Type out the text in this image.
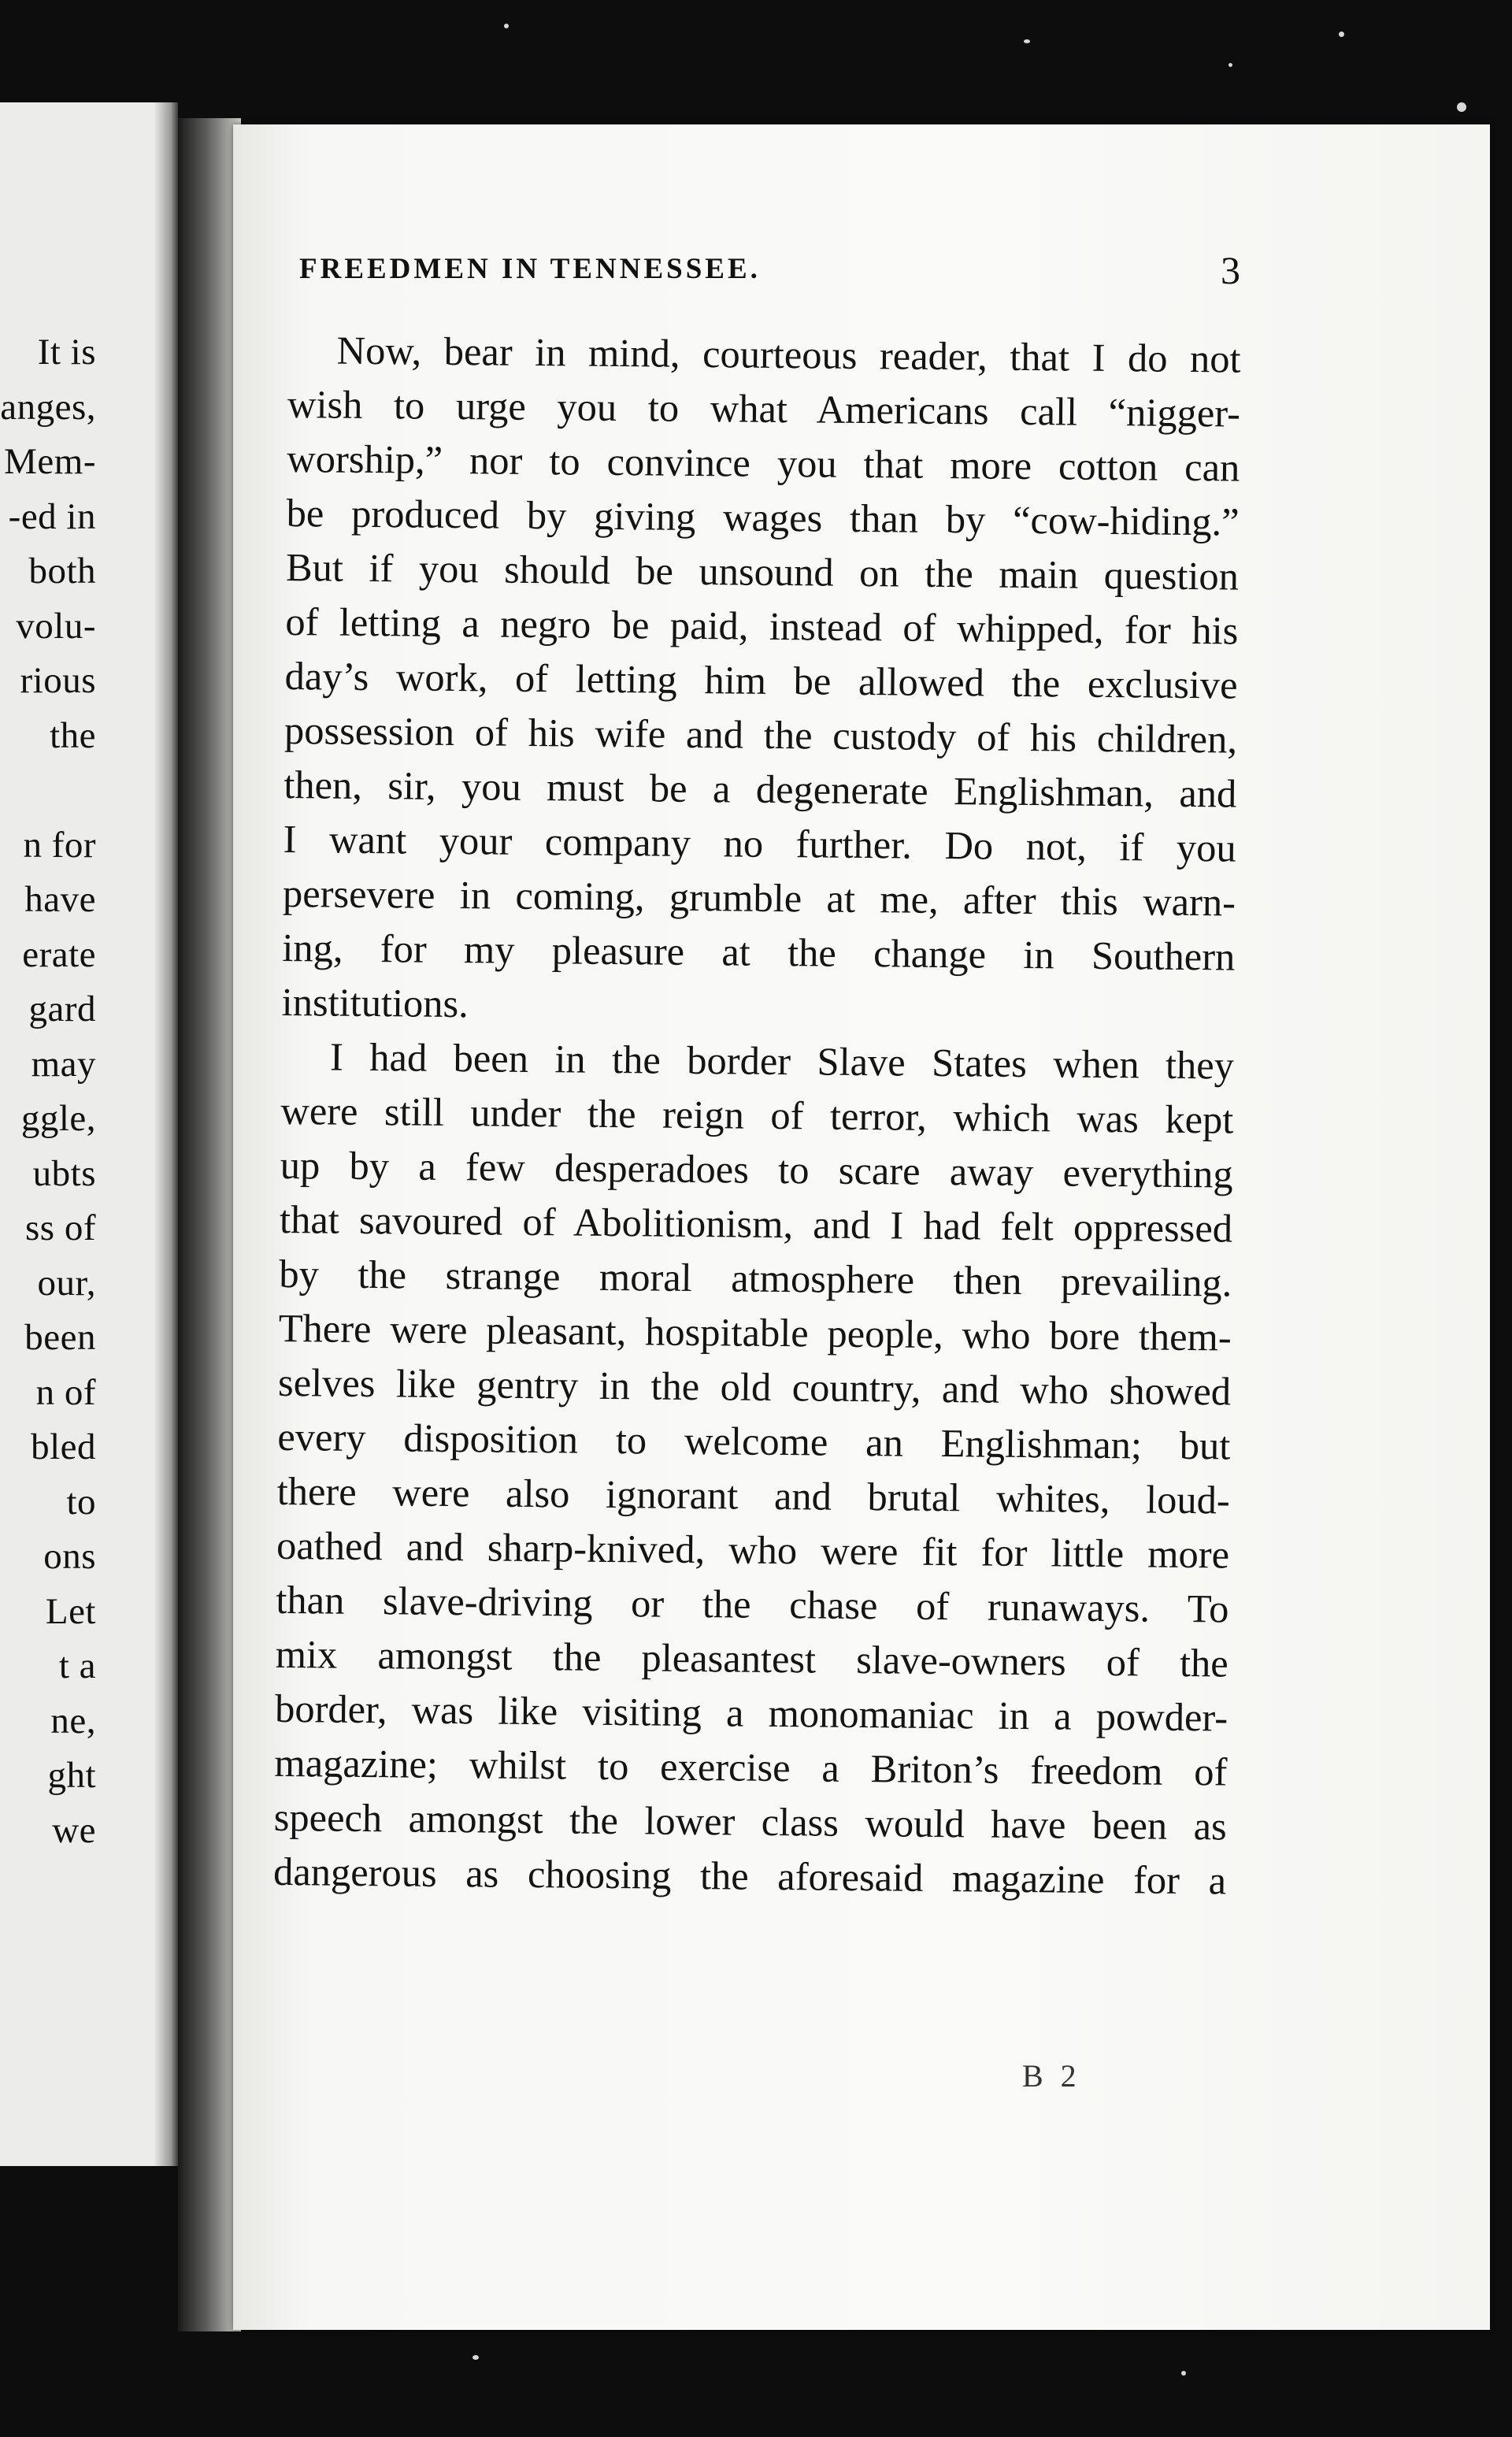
It is
anges,
Mem-
-ed in
both
volu-
rious
the
n for
have
erate
gard
may
ggle,
ubts
ss of
our,
been
n of
bled
to
ons
Let
t a
ne,
ght
we
FREEDMEN IN TENNESSEE.	3
Now, bear in mind, courteous reader, that I do not
wish to urge you to what Americans call “nigger-
worship,” nor to convince you that more cotton can
be produced by giving wages than by “cow-hiding.”
But if you should be unsound on the main question
of letting a negro be paid, instead of whipped, for his
day’s work, of letting him be allowed the exclusive
possession of his wife and the custody of his children,
then, sir, you must be a degenerate Englishman, and
I want your company no further. Do not, if you
persevere in coming, grumble at me, after this warn-
ing, for my pleasure at the change in Southern
institutions.
I had been in the border Slave States when they
were still under the reign of terror, which was kept
up by a few desperadoes to scare away everything
that savoured of Abolitionism, and I had felt oppressed
by the strange moral atmosphere then prevailing.
There were pleasant, hospitable people, who bore them-
selves like gentry in the old country, and who showed
every disposition to welcome an Englishman; but
there were also ignorant and brutal whites, loud-
oathed and sharp-knived, who were fit for little more
than slave-driving or the chase of runaways. To
mix amongst the pleasantest slave-owners of the
border, was like visiting a monomaniac in a powder-
magazine; whilst to exercise a Briton’s freedom of
speech amongst the lower class would have been as
dangerous as choosing the aforesaid magazine for a
B 2
